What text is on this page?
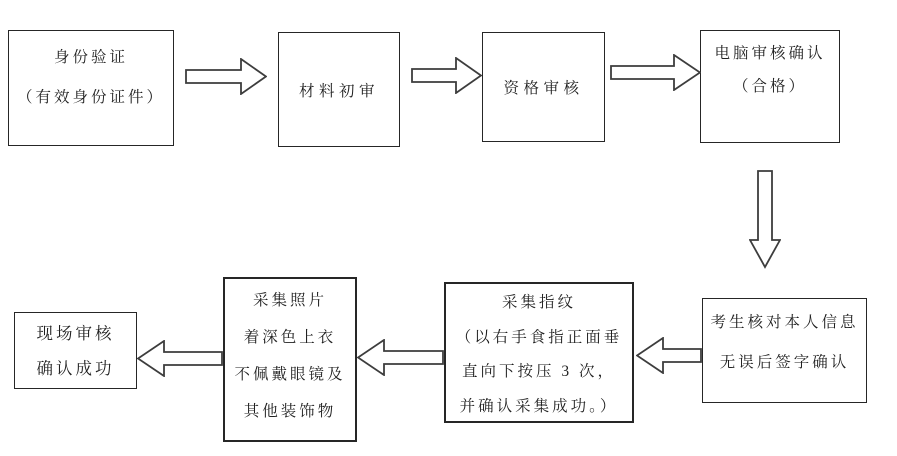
身份验证
（有效身份证件）	材料初审	资格审核
电脑审核确认
（合格）
考生核对本人信息
无误后签字确认
采集指纹
（以右手食指正面垂
直向下按压 3 次，
并确认采集成功。）
采集照片
着深色上衣
不佩戴眼镜及
其他装饰物
现场审核
确认成功
